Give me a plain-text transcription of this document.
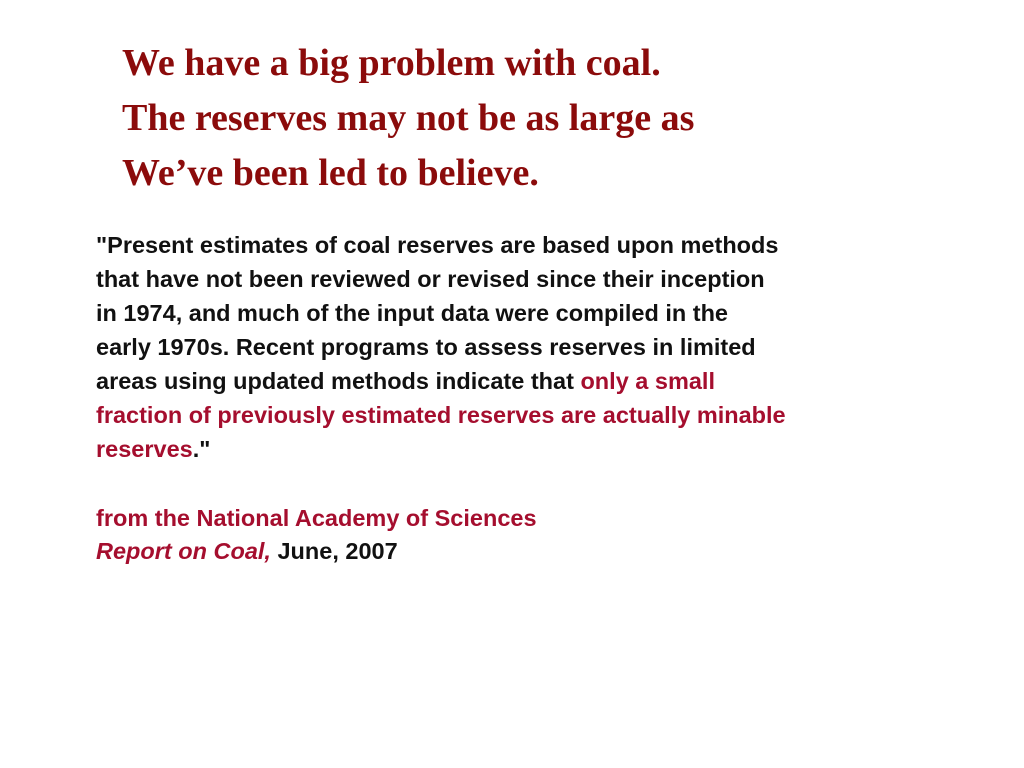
We have a big problem with coal.
The reserves may not be as large as
We’ve been led to believe.

"Present estimates of coal reserves are based upon methods
that have not been reviewed or revised since their inception
in 1974, and much of the input data were compiled in the
early 1970s. Recent programs to assess reserves in limited
areas using updated methods indicate that only a small
fraction of previously estimated reserves are actually minable
reserves."

from the National Academy of Sciences
Report on Coal, June, 2007
